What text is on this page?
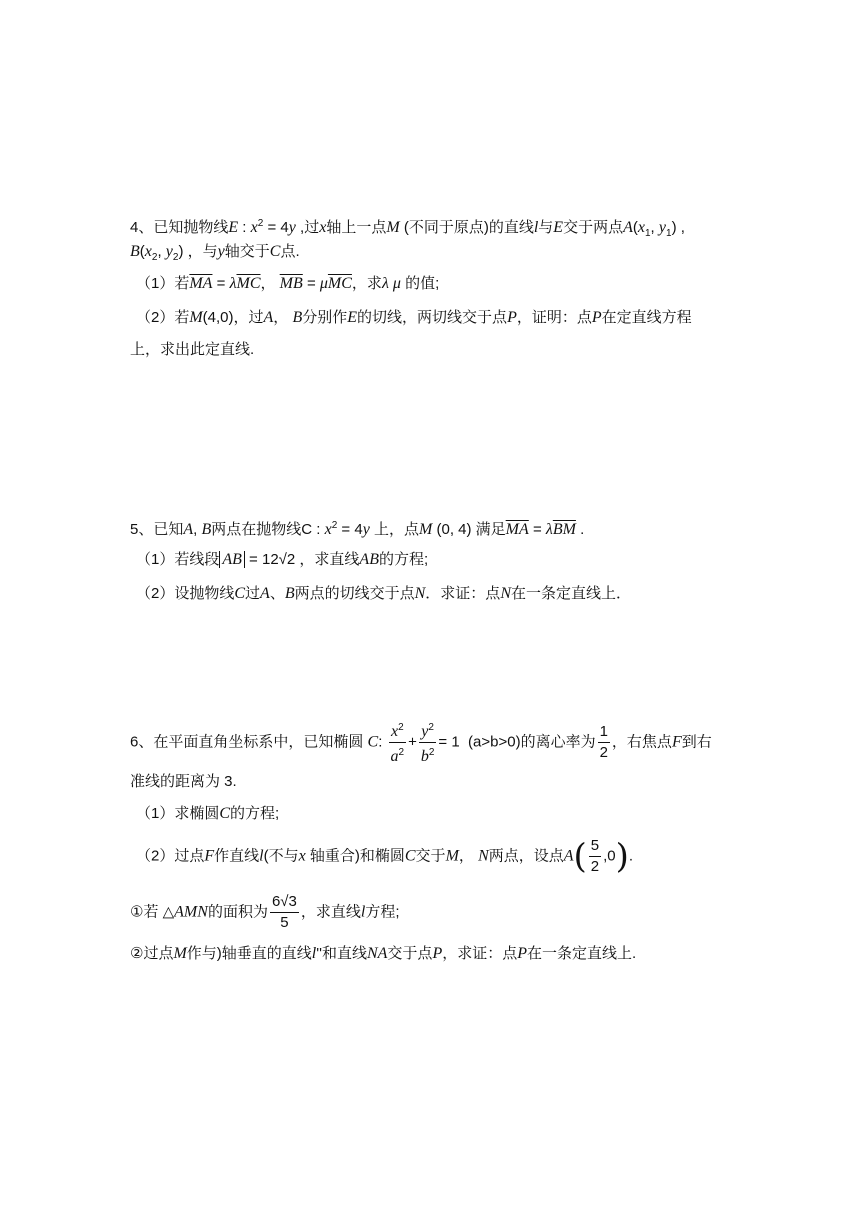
4、已知抛物线E : $x^2 = 4y$ ,过x轴上一点M (不同于原点)的直线l与E交于两点$A(x_1$, $y_1$) ,
$B(x_2$, $y_2$) ，与y轴交于C点.
（1）若$\overline{MA} = \lambda\overline{MC}$， $\overline{MB} = \mu\overline{MC}$，求λ μ 的值;
（2）若M(4,0)，过A， B分别作E的切线，两切线交于点P，证明：点P在定直线方程
上，求出此定直线.
5、已知A, B两点在抛物线C : $x^2 = 4y$ 上，点M (0, 4) 满足$\overline{MA} = \lambda\overline{BM}$ .
（1）若线段 AB = 12√2 ，求直线AB的方程;
（2）设抛物线C过A、B两点的切线交于点N．求证：点N在一条定直线上．
6、在平面直角坐标系中，已知椭圆 C: $\frac{x^2}{a^2} + \frac{y^2}{b^2} = 1$  (a>b>0)的离心率为 $\frac{1}{2}$ ，右焦点F到右
准线的距离为 3.
（1）求椭圆C的方程;
（2）过点F作直线l(不与x 轴重合)和椭圆C交于M， N两点，设点$A( \frac{5}{2} ,0)$.
①若 △AMN的面积为 $\frac{6√3}{5}$ ，求直线l方程;
②过点M作与)轴垂直的直线l''和直线NA交于点P，求证：点P在一条定直线上.
